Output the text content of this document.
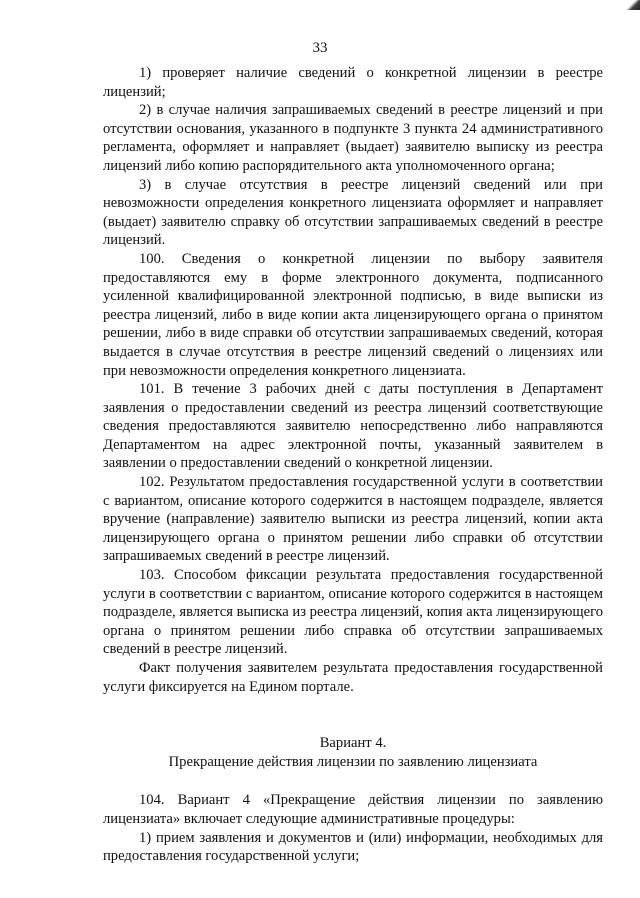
33

1) проверяет наличие сведений о конкретной лицензии в реестре лицензий;

2) в случае наличия запрашиваемых сведений в реестре лицензий и при отсутствии основания, указанного в подпункте 3 пункта 24 административного регламента, оформляет и направляет (выдает) заявителю выписку из реестра лицензий либо копию распорядительного акта уполномоченного органа;

3) в случае отсутствия в реестре лицензий сведений или при невозможности определения конкретного лицензиата оформляет и направляет (выдает) заявителю справку об отсутствии запрашиваемых сведений в реестре лицензий.

100. Сведения о конкретной лицензии по выбору заявителя предоставляются ему в форме электронного документа, подписанного усиленной квалифицированной электронной подписью, в виде выписки из реестра лицензий, либо в виде копии акта лицензирующего органа о принятом решении, либо в виде справки об отсутствии запрашиваемых сведений, которая выдается в случае отсутствия в реестре лицензий сведений о лицензиях или при невозможности определения конкретного лицензиата.

101. В течение 3 рабочих дней с даты поступления в Департамент заявления о предоставлении сведений из реестра лицензий соответствующие сведения предоставляются заявителю непосредственно либо направляются Департаментом на адрес электронной почты, указанный заявителем в заявлении о предоставлении сведений о конкретной лицензии.

102. Результатом предоставления государственной услуги в соответствии с вариантом, описание которого содержится в настоящем подразделе, является вручение (направление) заявителю выписки из реестра лицензий, копии акта лицензирующего органа о принятом решении либо справки об отсутствии запрашиваемых сведений в реестре лицензий.

103. Способом фиксации результата предоставления государственной услуги в соответствии с вариантом, описание которого содержится в настоящем подразделе, является выписка из реестра лицензий, копия акта лицензирующего органа о принятом решении либо справка об отсутствии запрашиваемых сведений в реестре лицензий.

Факт получения заявителем результата предоставления государственной услуги фиксируется на Едином портале.

Вариант 4.

Прекращение действия лицензии по заявлению лицензиата

104. Вариант 4 «Прекращение действия лицензии по заявлению лицензиата» включает следующие административные процедуры:

1) прием заявления и документов и (или) информации, необходимых для предоставления государственной услуги;
